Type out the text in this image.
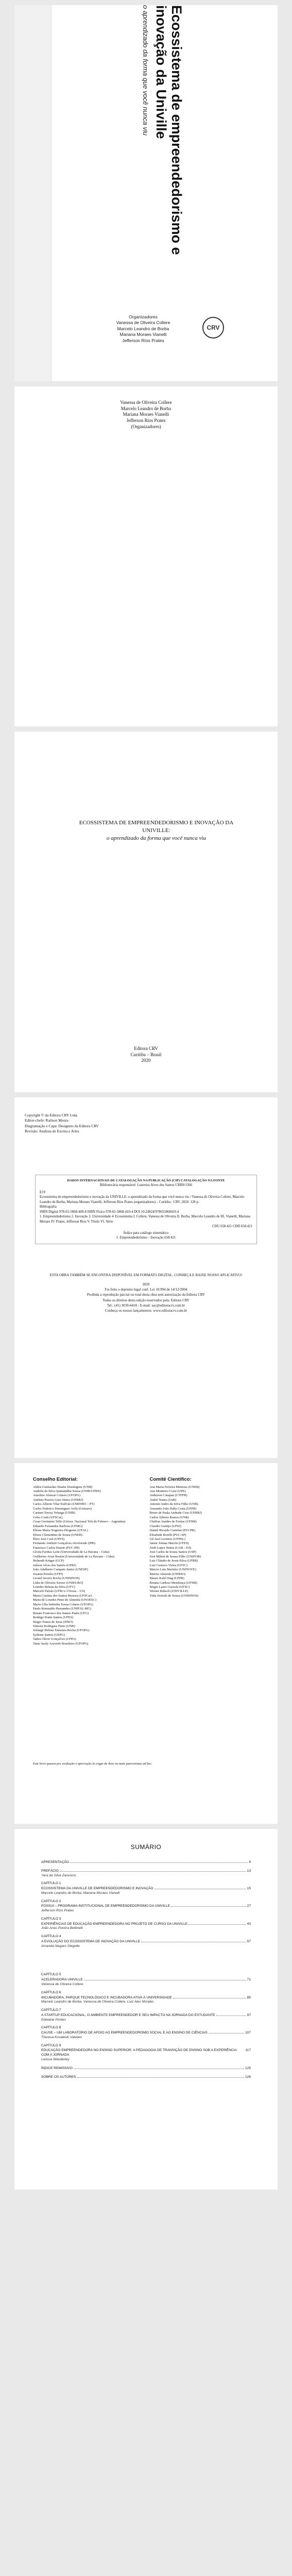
Ecossistema de empreendedorismo e inovação da Univille

o aprendizado da forma que você nunca viu

Organizadores
Vanessa de Oliveira Collere
Marcelo Leandro de Borba
Mariana Moraes Vianelli
Jefferson Ríos Prates
CRV
Vanessa de Oliveira Collere
Marcelo Leandro de Borba
Mariana Moraes Vianelli
Jefferson Ríos Prates
(Organizadores)
ECOSSISTEMA DE EMPREENDEDORISMO E INOVAÇÃO DA UNIVILLE:
o aprendizado da forma que você nunca viu
Editora CRV
Curitiba – Brasil
2020
Copyright © da Editora CRV Ltda.
Editor-chefe: Railson Moura
Diagramação e Capa: Designers da Editora CRV
Revisão: Analista de Escrita e Artes
DADOS INTERNACIONAIS DE CATALOGAÇÃO NA PUBLICAÇÃO (CIP) CATALOGAÇÃO NA FONTE
Bibliotecária responsável: Luzenira Alves dos Santos CRB9/1506
E19
Ecossistema de empreendedorismo e inovação da UNIVILLE: o aprendizado da forma que você nunca viu / Vanessa de Oliveira Collere, Marcelo Leandro de Borba, Mariana Moraes Vianelli, Jefferson Ríos Prates (organizadores) – Curitiba : CRV, 2020. 128 p.
Bibliografia
ISBN Digital 978-65-5868-409-8 ISBN Físico 978-65-5868-410-4 DOI 10.24824/978655868410.4
1. Empreendedorismo 2. Inovação 3. Universidade 4. Ecossistema I. Collere, Vanessa de Oliveira II. Borba, Marcelo Leandro de III. Vianelli, Mariana Moraes IV. Prates, Jefferson Ríos V. Título VI. Série
CDU 658.421 CDD 658.421
Índice para catálogo sistemático
1. Empreendedorismo – Inovação 658.421
ESTA OBRA TAMBÉM SE ENCONTRA DISPONÍVEL EM FORMATO DIGITAL. CONHEÇA E BAIXE NOSSO APLICATIVO!
2020
Foi feito o depósito legal conf. Lei 10.994 de 14/12/2004
Proibida a reprodução parcial ou total desta obra sem autorização da Editora CRV
Todos os direitos desta edição reservados pela: Editora CRV
Tel.: (41) 3039-6418 - E-mail: sac@editoracrv.com.br
Conheça os nossos lançamentos: www.editoracrv.com.br
Conselho Editorial:
Aldira Guimarães Duarte Domínguez (UNB)
Andréia da Silva Quintanilha Sousa (UNIR/UFRN)
Anselmo Alencar Colares (UFOPA)
Antônio Pereira Gaio Júnior (UFRRJ)
Carlos Alberto Vilar Estêvão (UMINHO – PT)
Carlos Federico Dominguez Avila (Unieuro)
Carmen Tereza Velanga (UNIR)
Celso Conti (UFSCar)
Cesar Gerónimo Tello (Univer. Nacional Três de Febrero – Argentina)
Eduardo Fernandes Barbosa (UFMG)
Elione Maria Nogueira Diogenes (UFAL)
Elizeu Clementino de Souza (UNEB)
Élsio José Corá (UFFS)
Fernando Antônio Gonçalves Alcoforado (IPB)
Francisco Carlos Duarte (PUC-PR)
Gloria Fariñas León (Universidade de La Havana – Cuba)
Guillermo Arias Beatón (Universidade de La Havana – Cuba)
Helmuth Krüger (UCP)
Jailson Alves dos Santos (UFRJ)
João Adalberto Campato Junior (UNESP)
Josania Portela (UFPI)
Leonel Severo Rocha (UNISINOS)
Lídia de Oliveira Xavier (UNIEURO)
Lourdes Helena da Silva (UFV)
Marcelo Paixão (UFRJ e UTexas – US)
Maria Cristina dos Santos Bezerra (UFSCar)
Maria de Lourdes Pinto de Almeida (UNOESC)
Maria Lília Imbiriba Sousa Colares (UFOPA)
Paulo Romualdo Hernandes (UNIFAL-MG)
Renato Francisco dos Santos Paula (UFG)
Rodrigo Pratte-Santos (UFES)
Sérgio Nunes de Jesus (IFRO)
Simone Rodrigues Pinto (UNB)
Solange Helena Ximenes-Rocha (UFOPA)
Sydione Santos (UEPG)
Tadeu Oliver Gonçalves (UFPA)
Tania Suely Azevedo Brasileiro (UFOPA)
Comitê Científico:
Ana Maria Ferreira Menezes (UNEB)
Ana Monteiro Costa (UPE)
Anderson Catapan (UTFPR)
André Nunes (UnB)
Antonio Isidro da Silva Filho (UNB)
Armando João Dalla Costa (UFPR)
Breno de Paula Andrade Cruz (UFRRJ)
Carlos Alberto Ramos (UNB)
Clailton Ataídes de Freitas (UFSM)
Claudio Gontijo (UFSJ)
Daniel Ricardo Castelan (PUCPR)
Elizabeth Borelli (PUC-SP)
Gil Jacó Lorenzo (UFPEL)
Jamur Johnas Marchi (UFES)
Jordi Lopez Sintas (UAB – ES)
José Carlos de Souza Santos (USP)
José Milton de Sousa-Filho (UNIFOR)
Luis Cláudio de Jesus-Silva (UFRR)
Luiz Gustavo Vieira (UFSC)
Marcio Luiz Marietto (UNINOVE)
Mariza Almeida (UNIRIO)
Mauro Kalil Oiag (UFPR)
Renata Cardoso Mendonça (UFSM)
Sérgio Lauro Gazzola (UFSC)
Werner Rabsch (UNIVILLE)
Yeda Swirski de Souza (UNISINOS)
Este livro passou por avaliação e aprovação às cegas de dois ou mais pareceristas ad hoc.
SUMÁRIO
APRESENTAÇÃO	9
PREFÁCIO	13
Yara da Silva Zanoncio
CAPÍTULO 1
ECOSSISTEMA DA UNIVILLE DE EMPREENDEDORISMO E INOVAÇÃO	15
Marcelo Leandro de Borba, Mariana Moraes Vianelli
CAPÍTULO 2
POSSUI – PROGRAMA INSTITUCIONAL DE EMPREENDEDORISMO DA UNIVILLE	27
Jefferson Ríos Prates
CAPÍTULO 3
EXPERIÊNCIAS DE EDUCAÇÃO EMPREENDEDORA NO PROJETO DE CURSO DA UNIVILLE	43
João Arias Pereira Bettinelli
CAPÍTULO 4
A EVOLUÇÃO DO ECOSSISTEMA DE INOVAÇÃO DA UNIVILLE	57
Amanda Alegaro Stegelte
CAPÍTULO 5
ACELERADORA UNIVILLE	71
Vanessa de Oliveira Collere
CAPÍTULO 6
INCUBADORA, PARQUE TECNOLÓGICO E INCUBADORA ATIVA À UNIVERSIDADE	85
Marcelo Leandro de Borba, Vanessa de Oliveira Collere, Luiz Alex Morales
CAPÍTULO 7
A STARTUP EDUCACIONAL, O AMBIENTE EMPREENDEDOR E SEU IMPACTO NA JORNADA DO ESTUDANTE	97
Edelaine Pontes
CAPÍTULO 8
CAUSE – UM LABORATÓRIO DE APOIO AO EMPREENDEDORISMO SOCIAL E AO ENSINO DE CIÊNCIAS	107
Theresa Kovaleski Valviani
CAPÍTULO 9
EDUCAÇÃO EMPREENDEDORA NO ENSINO SUPERIOR: A PEDAGOGIA DE TRANSIÇÃO DE ENSINO SOB A EXPERIÊNCIA COM A JORNADA
117
Larissa Wanderley
ÍNDICE REMISSIVO	125
SOBRE OS AUTORES	126
